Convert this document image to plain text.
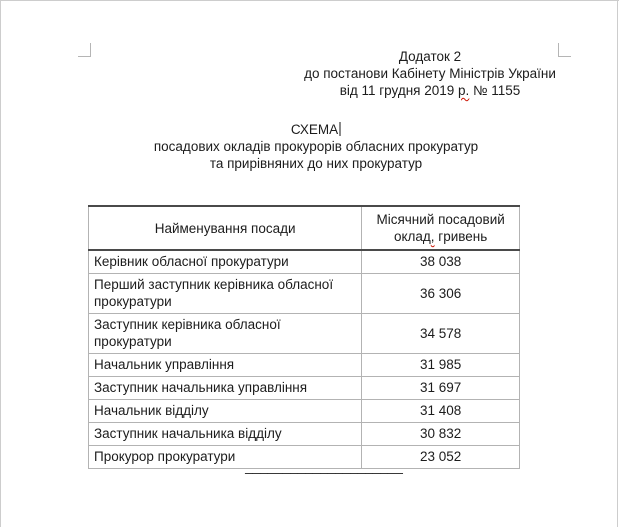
Додаток 2
до постанови Кабінету Міністрів України
від 11 грудня 2019 р. № 1155
СХЕМА
посадових окладів прокурорів обласних прокуратур
та прирівняних до них прокуратур
Найменування посади	Місячний посадовий
оклад, гривень

Керівник обласної прокуратури	38 038
Перший заступник керівника обласної прокуратури	36 306
Заступник керівника обласної прокуратури	34 578
Начальник управління	31 985
Заступник начальника управління	31 697
Начальник відділу	31 408
Заступник начальника відділу	30 832
Прокурор прокуратури	23 052
_____________________
